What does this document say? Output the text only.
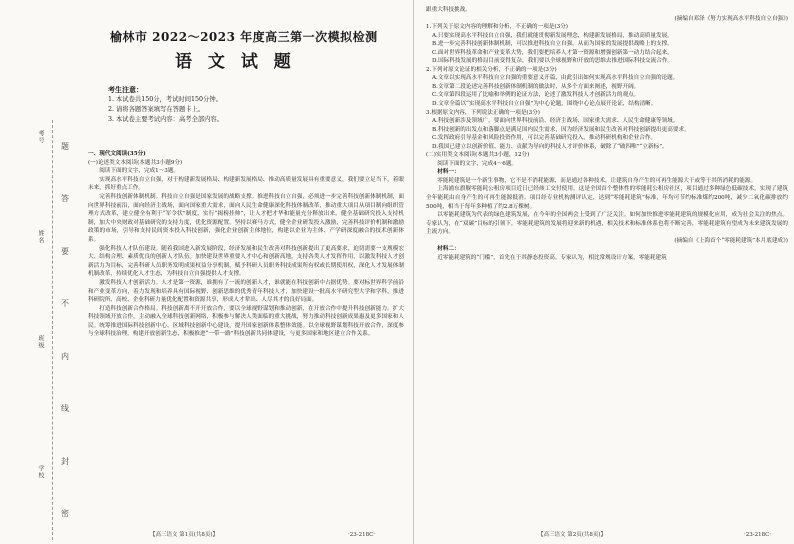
考号
姓名
班级
学校
题
答
要
不
内
线
封
密
榆林市 2022～2023 年度高三第一次模拟检测
语 文 试 题
考生注意：
1. 本试卷共150分，考试时间150分钟。
2. 请将各题答案填写在答题卡上。
3. 本试卷主要考试内容：高考全部内容。

一、现代文阅读(35分)

(一)论述类文本阅读(本题共3小题9分)

阅读下面的文字，完成1～3题。

实现高水平科技自立自强，对于构建新发展格局、构建新发展格局、推动高质量发展具有重要意义，我们要立足当下，着眼未来，抓好重点工作。

完善科技创新体制机制。科技自立自强是国家发展的战略支撑。推进科技自立自强，必须进一步完善科技创新体制机制，面向世界科技前沿，面向经济主战场，面向国家重大需求，面向人民生命健康深化科技体制改革，推动重大项目从项目制向组织管理方式改革，建立健全有利于“军令状”制度，实行“揭榜挂帅”，让人才把才华和能量充分释放出来。健全基础研究投入支持机制，加大中央财政对基础研究的支持力度，优化资源配置，坚持以赛马方式，健全企业研发投入激励，完善科技评价机制和激励政策的市场，引导和支持民间资本投入科技创新，强化企业创新主体地位，构建以企业为主体、产学研深度融合的技术创新体系。

强化科技人才队伍建设。随着我国进入新发展阶段，经济发展和民生改善对科技创新提出了更高要求，迫切需要一支规模宏大、结构合理、素质优良的创新人才队伍。加快建设世界重要人才中心和创新高地，支持各类人才发挥作用，以激发科技人才创新活力为目标，完善科研人员职务发明成果权益分享机制，赋予科研人员职务科技成果所有权或长期使用权，深化人才发展体制机制改革，持续优化人才生态，为科技自立自强提供人才支撑。

激发科技人才创新活力。人才是第一资源，谁拥有了一流的创新人才，谁就能在科技创新中占据优势。要对标世界科学前沿和产业变革方向，着力发现和培养具有国际视野、创新思维的优秀青年科技人才，加快建设一批高水平研究型大学和学科，推进科研院所、高校、企业科研力量优化配置和资源共享，形成人才辈出、人尽其才的良好局面。

打造科技创新合作格局。科技创新离不开开放合作，要以全球视野谋划和推动创新，在开放合作中提升科技创新能力。扩大科技领域开放合作，主动融入全球科技创新网络，积极参与解决人类面临的重大挑战，努力推动科技创新成果惠及更多国家和人民。统筹推进国际科技创新中心、区域科技创新中心建设，提升国家创新体系整体效能。以全球视野谋划科技开放合作，深度参与全球科技治理，构建开放创新生态，积极推进“一带一路”科技创新共同体建设，与更多国家和地区建立合作关系。

【高三语文 第1页(共8页)】	·23-218C·

跟重大科技挑战。

(摘编自邓泽《努力实现高水平科技自立自强》)

1.下列关于原文内容的理解和分析，不正确的一项是(3分)

A.只要实现高水平科技自立自强，我们就能贯彻新发展理念，构建新发展格局，推动高质量发展。

B.进一步完善科技创新体制机制，可以推进科技自立自强，从而为国家的发展提供战略上的支撑。

C.面对世界科技革命和产业变革大势，我们要把培养人才第一资源和增强创新第一动力结合起来。

D.国际科技发展的格局目前变得复杂，我们要以全球视野和开放的思维去推进国际科技交流合作。

2.下列对原文论证的相关分析，不正确的一项是(3分)

A.文章以实现高水平科技自立自强的重要意义开篇，由此引出如何实现高水平科技自立自强的论题。

B.文章第二段论述完善科技创新体制机制的做法时，从多个方面来阐述，视野开阔。

C.文章第四段运用了比喻和举例的论证方法，论述了激发科技人才创新活力的观点。

D.文章全篇以“实现高水平科技自立自强”为中心论题，围绕中心论点展开论证，结构清晰。

3.根据原文内容，下列说法正确的一项是(3分)

A.科技创新涉及领域广，要面向世界科技前沿、经济主战场、国家重大需求、人民生命健康等领域。

B.科技创新的出发点和落脚点是满足国内民生需求，因为经济发展和民生改善对科技创新提出更高要求。

C.发挥政府引导基金和风险投资作用，可以完善基础研究投入，推动科研机构和企业合作。

D.我国已建立以创新价值、能力、贡献为导向的科技人才评价体系，破除了“破四唯”“立新标”。

(二)实用类文本阅读(本题共3小题，12分)

阅读下面的文字，完成4～6题。

材料一：

零能耗建筑是一个新生事物，它不是不消耗能源，而是通过各种技术，让建筑自身产生的可再生能源大于或等于其所消耗的能源。

上海浦东旗舰零能耗公租房项目近日已经竣工交付使用。这是全国首个整体性的零能耗公租房社区，项目通过多种绿色低碳技术，实现了建筑全年能耗由自身产生的可再生能源抵消。项目经专业机构测评认定，达到“零能耗建筑”标准，年均可节约标准煤约200吨，减少二氧化碳排放约500吨，相当于每年多种植了约2.8万棵树。

以零能耗建筑为代表的绿色建筑发展，在今年的全国两会上受到了广泛关注。如何加快推进零能耗建筑的规模化应用，成为社会关注的焦点。专家认为，在“双碳”目标的引领下，零能耗建筑的发展将迎来新的机遇，相关技术和标准体系也将不断完善，零能耗建筑有望成为未来建筑发展的主流方向。

(摘编自《上海首个“零能耗建筑”本月底建成》)

材料二：

近零能耗建筑的“门槛”，首先在于其静态投资高。专家认为，相比常规设计方案，零能耗建筑

【高三语文 第2页(共8页)】	·23-218C·
